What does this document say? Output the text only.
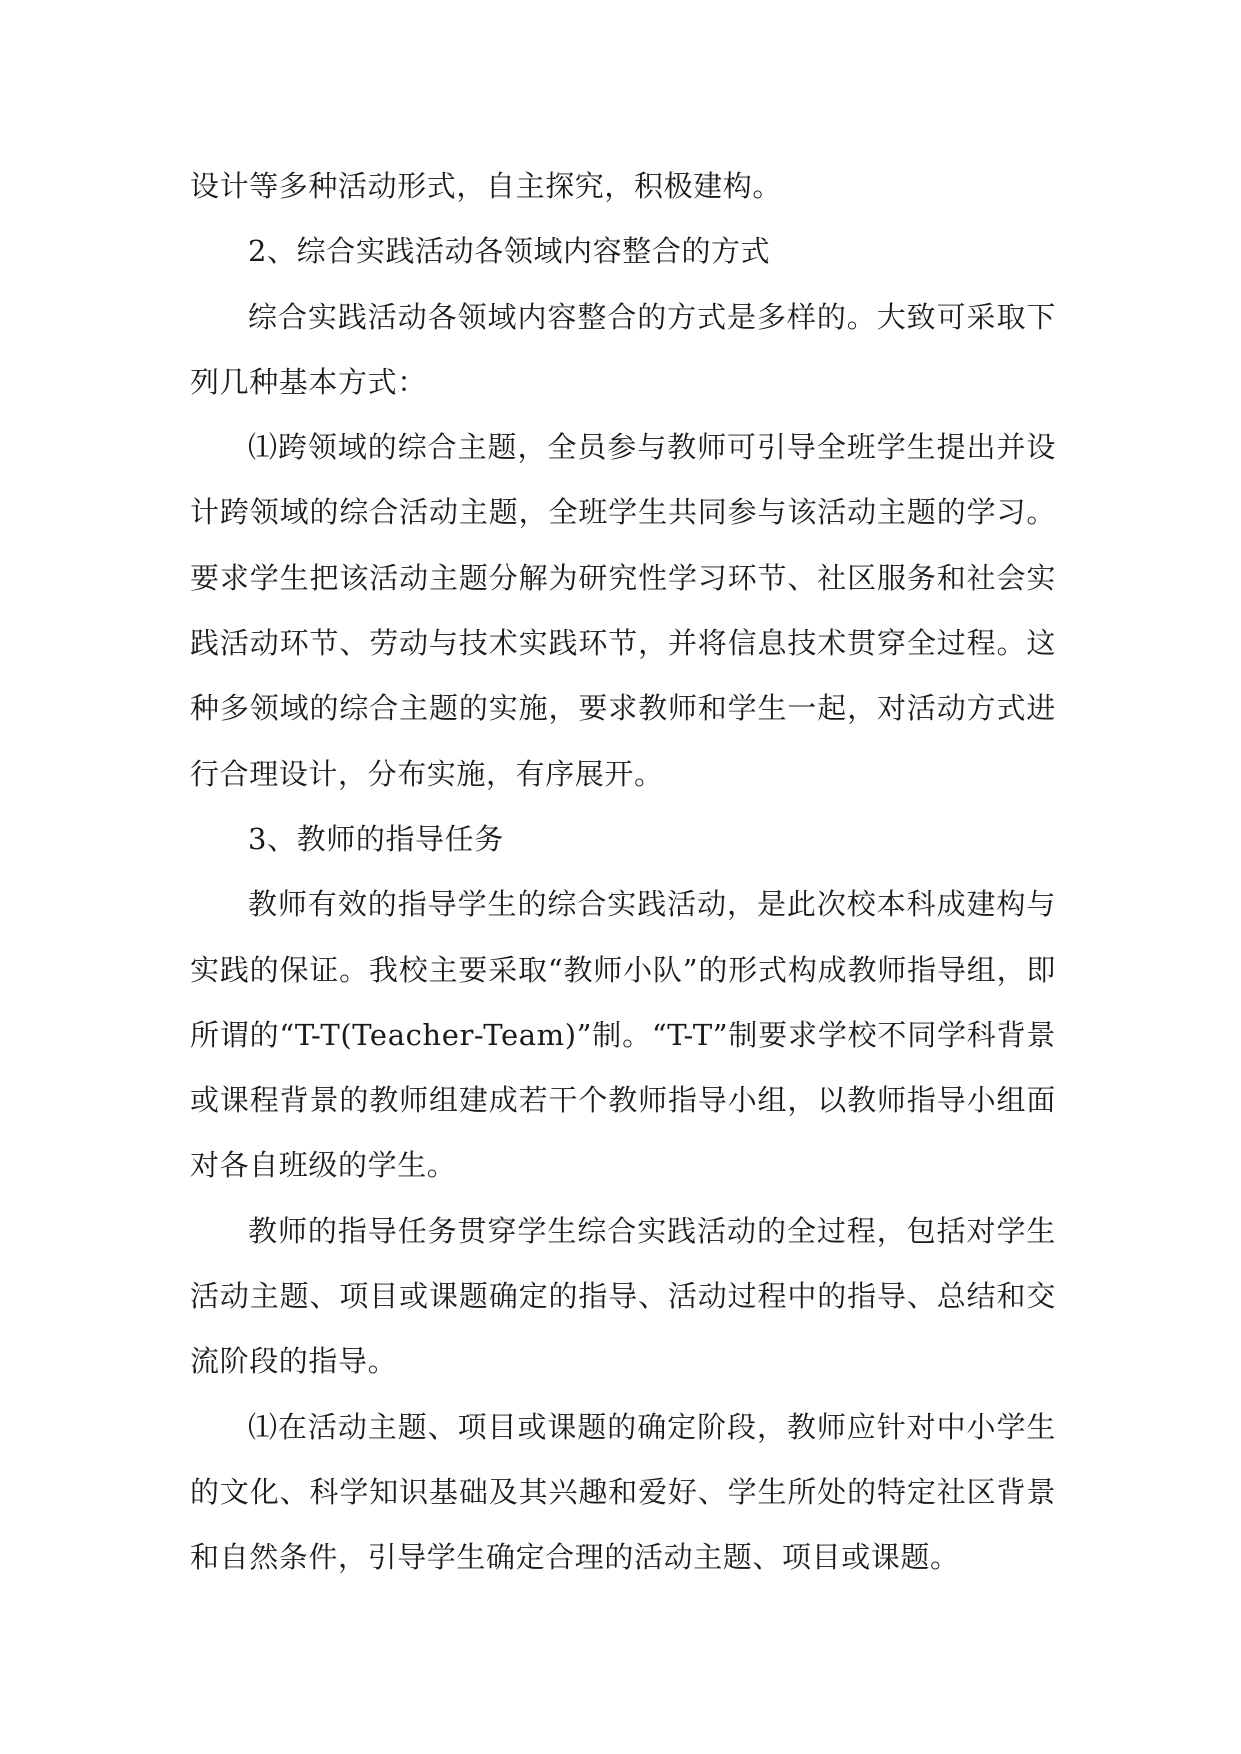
设计等多种活动形式，自主探究，积极建构。

2、综合实践活动各领域内容整合的方式

综合实践活动各领域内容整合的方式是多样的。大致可采取下列几种基本方式：

⑴跨领域的综合主题，全员参与教师可引导全班学生提出并设计跨领域的综合活动主题，全班学生共同参与该活动主题的学习。要求学生把该活动主题分解为研究性学习环节、社区服务和社会实践活动环节、劳动与技术实践环节，并将信息技术贯穿全过程。这种多领域的综合主题的实施，要求教师和学生一起，对活动方式进行合理设计，分布实施，有序展开。

3、教师的指导任务

教师有效的指导学生的综合实践活动，是此次校本科成建构与实践的保证。我校主要采取“教师小队”的形式构成教师指导组，即所谓的“T-T(Teacher-Team)”制。“T-T”制要求学校不同学科背景或课程背景的教师组建成若干个教师指导小组，以教师指导小组面对各自班级的学生。

教师的指导任务贯穿学生综合实践活动的全过程，包括对学生活动主题、项目或课题确定的指导、活动过程中的指导、总结和交流阶段的指导。

⑴在活动主题、项目或课题的确定阶段，教师应针对中小学生的文化、科学知识基础及其兴趣和爱好、学生所处的特定社区背景和自然条件，引导学生确定合理的活动主题、项目或课题。
